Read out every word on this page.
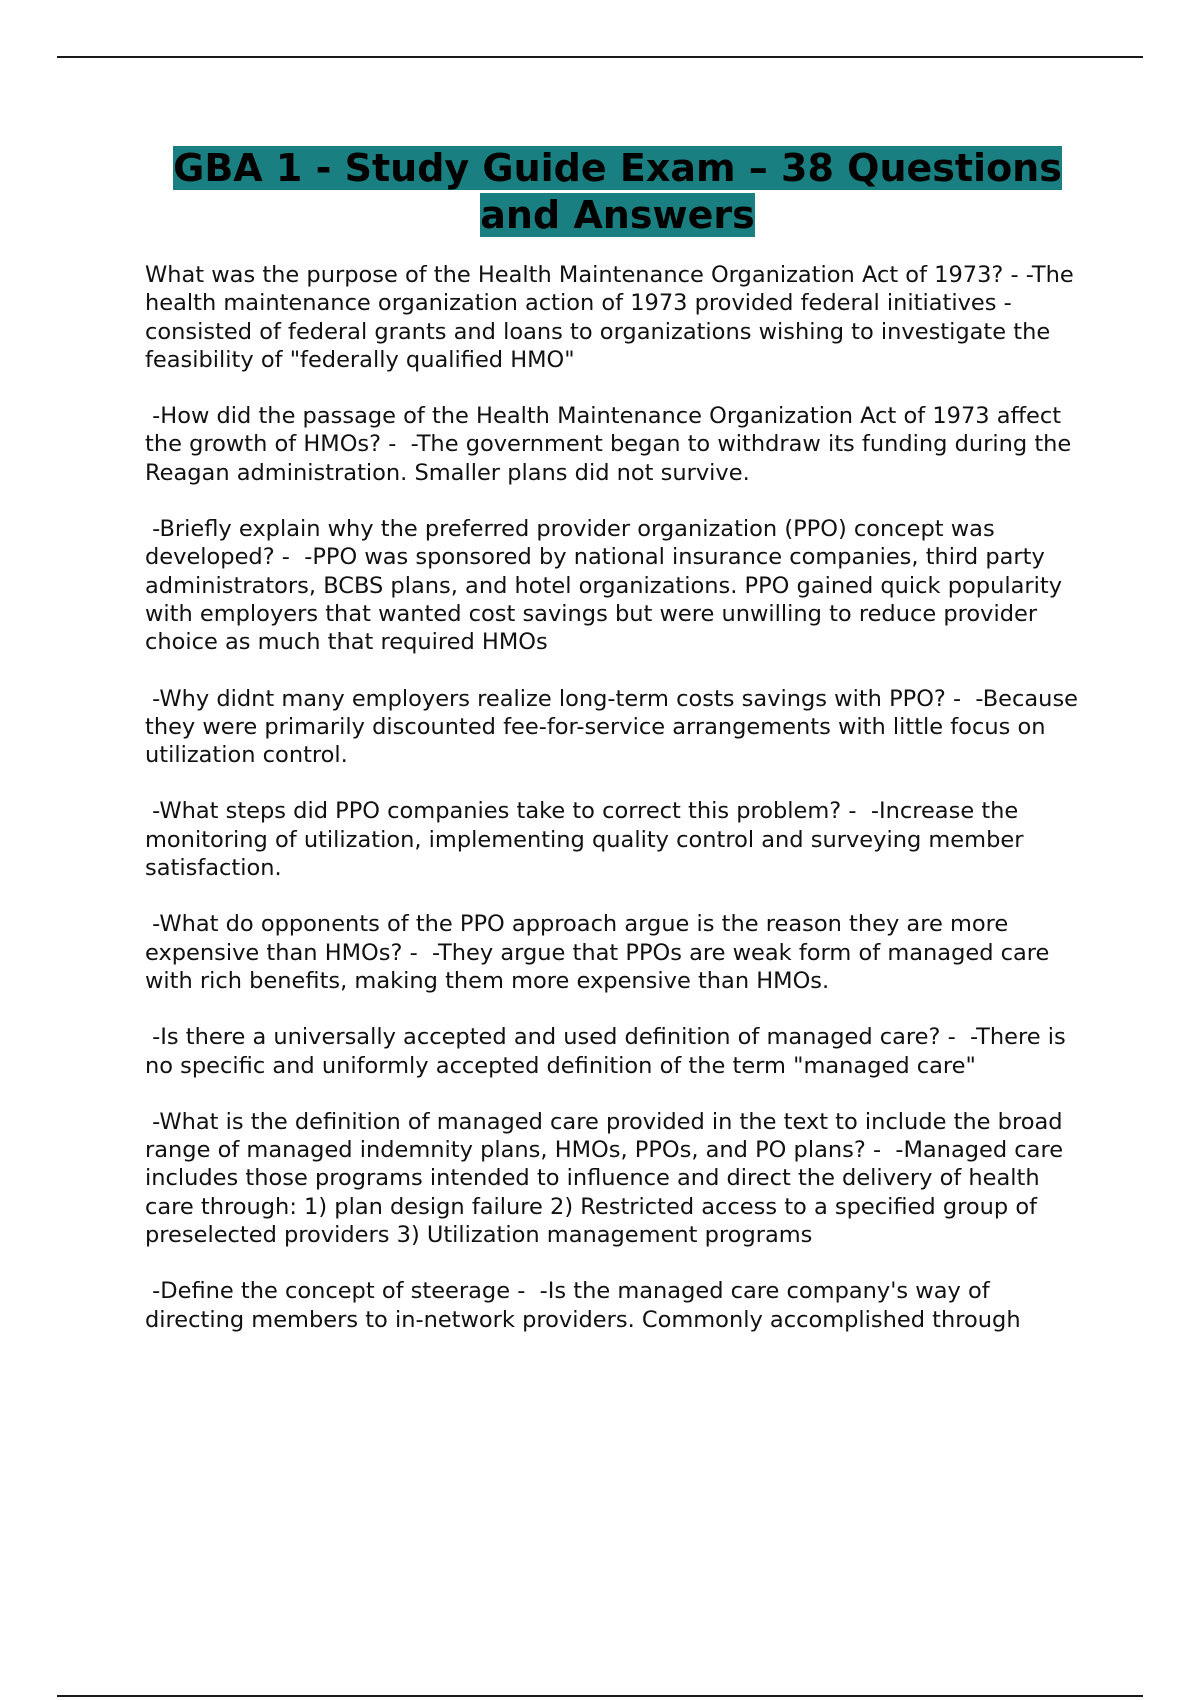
GBA 1 - Study Guide Exam – 38 Questions and Answers

What was the purpose of the Health Maintenance Organization Act of 1973? - -The health maintenance organization action of 1973 provided federal initiatives - consisted of federal grants and loans to organizations wishing to investigate the feasibility of "federally qualified HMO"

-How did the passage of the Health Maintenance Organization Act of 1973 affect the growth of HMOs? -  -The government began to withdraw its funding during the Reagan administration. Smaller plans did not survive.

-Briefly explain why the preferred provider organization (PPO) concept was developed? -  -PPO was sponsored by national insurance companies, third party administrators, BCBS plans, and hotel organizations. PPO gained quick popularity with employers that wanted cost savings but were unwilling to reduce provider choice as much that required HMOs

-Why didnt many employers realize long-term costs savings with PPO? -  -Because they were primarily discounted fee-for-service arrangements with little focus on utilization control.

-What steps did PPO companies take to correct this problem? -  -Increase the monitoring of utilization, implementing quality control and surveying member satisfaction.

-What do opponents of the PPO approach argue is the reason they are more expensive than HMOs? -  -They argue that PPOs are weak form of managed care with rich benefits, making them more expensive than HMOs.

-Is there a universally accepted and used definition of managed care? -  -There is no specific and uniformly accepted definition of the term "managed care"

-What is the definition of managed care provided in the text to include the broad range of managed indemnity plans, HMOs, PPOs, and PO plans? -  -Managed care includes those programs intended to influence and direct the delivery of health care through: 1) plan design failure 2) Restricted access to a specified group of preselected providers 3) Utilization management programs

-Define the concept of steerage -  -Is the managed care company's way of directing members to in-network providers. Commonly accomplished through
